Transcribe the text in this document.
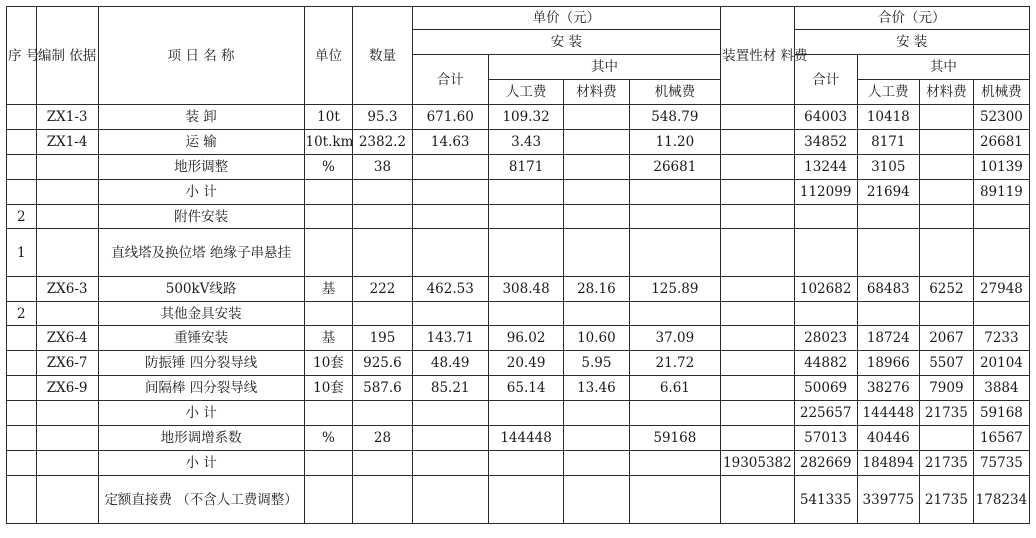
序 号	编制 依据	项 日 名 称	单位	数量	单价（元）				装置性材 料费	合价（元）			
					安 装					安 装			
					合计	其中				合计	其中		
						人工费	材料费	机械费			人工费	材料费	机械费
	ZX1-3	装 卸	10t	95.3	671.60	109.32		548.79		64003	10418		52300
	ZX1-4	运 输	10t.km	2382.2	14.63	3.43		11.20		34852	8171		26681
		地形调整	%	38		8171		26681		13244	3105		10139
		小 计								112099	21694		89119
2		附件安装											
1		直线塔及换位塔 绝缘子串悬挂											
	ZX6-3	500kV线路	基	222	462.53	308.48	28.16	125.89		102682	68483	6252	27948
2		其他金具安装											
	ZX6-4	重锤安装	基	195	143.71	96.02	10.60	37.09		28023	18724	2067	7233
	ZX6-7	防振锤 四分裂导线	10套	925.6	48.49	20.49	5.95	21.72		44882	18966	5507	20104
	ZX6-9	间隔棒 四分裂导线	10套	587.6	85.21	65.14	13.46	6.61		50069	38276	7909	3884
		小 计								225657	144448	21735	59168
		地形调增系数	%	28		144448		59168		57013	40446		16567
		小 计							19305382	282669	184894	21735	75735
		定额直接费 （不含人工费调整）								541335	339775	21735	178234
